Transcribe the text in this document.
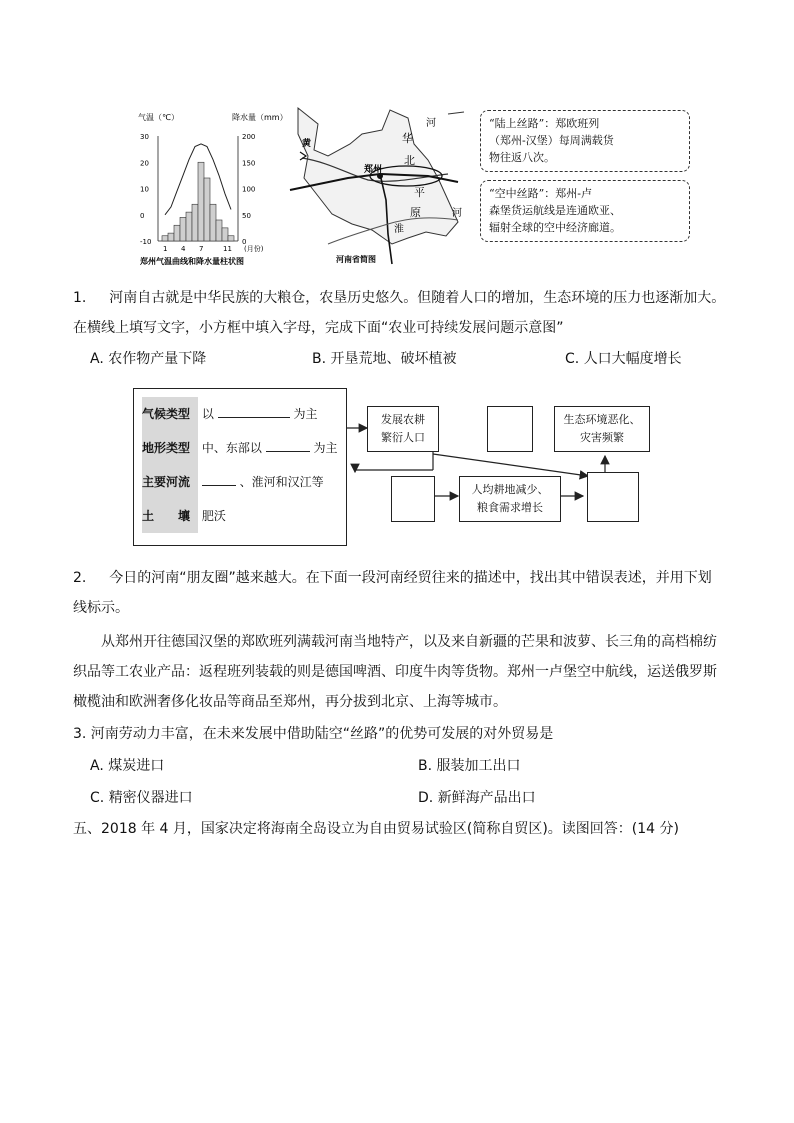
气温（℃）	降水量（mm）
30
20
10
0
-10
200
150
100
50
0
1 4 7	11 (月份)
郑州气温曲线和降水量柱状图
黄	华
北
平
原
河
河
淮
郑州
河南省简图
“陆上丝路”：郑欧班列
（郑州-汉堡）每周满载货
物往返八次。
“空中丝路”：郑州-卢
森堡货运航线是连通欧亚、
辐射全球的空中经济廊道。
1. 河南自古就是中华民族的大粮仓，农垦历史悠久。但随着人口的增加，生态环境的压力也逐渐加大。
在横线上填写文字，小方框中填入字母，完成下面“农业可持续发展问题示意图”
A. 农作物产量下降	B. 开垦荒地、破坏植被	C. 人口大幅度增长
气候类型 以	为主
地形类型 中、东部以	为主
主要河流	、淮河和汉江等
土　　壤 肥沃
发展农耕
繁衍人口
生态环境恶化、
灾害频繁
人均耕地减少、
粮食需求增长
2. 今日的河南“朋友圈”越来越大。在下面一段河南经贸往来的描述中，找出其中错误表述，并用下划
线标示。
从郑州开往德国汉堡的郑欧班列满载河南当地特产，以及来自新疆的芒果和波萝、长三角的高档棉纺
织品等工农业产品：返程班列装载的则是德国啤酒、印度牛肉等货物。郑州一卢堡空中航线，运送俄罗斯
橄榄油和欧洲奢侈化妆品等商品至郑州，再分拔到北京、上海等城市。
3. 河南劳动力丰富，在未来发展中借助陆空“丝路”的优势可发展的对外贸易是
A. 煤炭进口	B. 服装加工出口
C. 精密仪器进口	D. 新鲜海产品出口
五、2018 年 4 月，国家决定将海南全岛设立为自由贸易试验区(简称自贸区)。读图回答：(14 分)
